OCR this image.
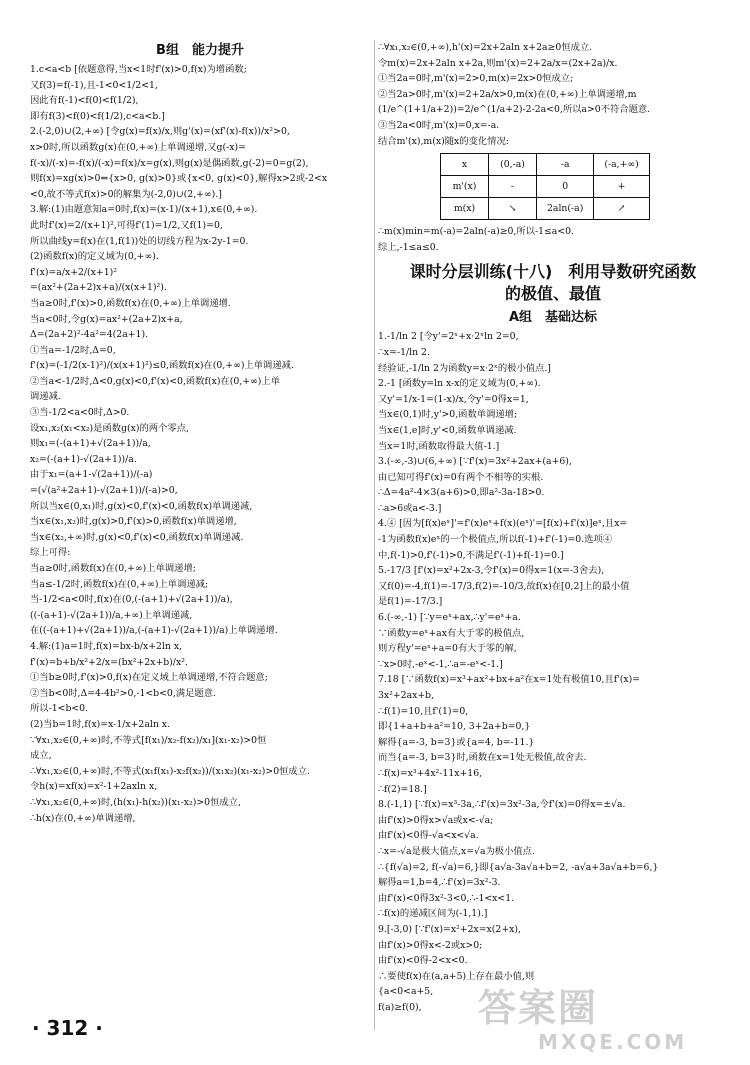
B组　能力提升
1.c<a<b [依题意得,当x<1时f'(x)>0,f(x)为增函数;
又f(3)=f(-1),且-1<0<1/2<1,
因此有f(-1)<f(0)<f(1/2),
即有f(3)<f(0)<f(1/2),c<a<b.]
2.(-2,0)∪(2,+∞) [令g(x)=f(x)/x,则g'(x)=(xf'(x)-f(x))/x²>0,
x>0时,所以函数g(x)在(0,+∞)上单调递增,又g(-x)=
f(-x)/(-x)=-f(x)/(-x)=f(x)/x=g(x),则g(x)是偶函数,g(-2)=0=g(2),
则f(x)=xg(x)>0⇔{x>0, g(x)>0}或{x<0, g(x)<0},解得x>2或-2<x
<0,故不等式f(x)>0的解集为(-2,0)∪(2,+∞).]
3.解:(1)由题意知a=0时,f(x)=(x-1)/(x+1),x∈(0,+∞).
此时f'(x)=2/(x+1)²,可得f'(1)=1/2,又f(1)=0,
所以曲线y=f(x)在(1,f(1))处的切线方程为x-2y-1=0.
(2)函数f(x)的定义域为(0,+∞).
f'(x)=a/x+2/(x+1)²
=(ax²+(2a+2)x+a)/(x(x+1)²).
当a≥0时,f'(x)>0,函数f(x)在(0,+∞)上单调递增.
当a<0时,令g(x)=ax²+(2a+2)x+a,
Δ=(2a+2)²-4a²=4(2a+1).
①当a=-1/2时,Δ=0,
f'(x)=(-1/2(x-1)²)/(x(x+1)²)≤0,函数f(x)在(0,+∞)上单调递减.
②当a<-1/2时,Δ<0,g(x)<0,f'(x)<0,函数f(x)在(0,+∞)上单
调递减.
③当-1/2<a<0时,Δ>0.
设x₁,x₂(x₁<x₂)是函数g(x)的两个零点,
则x₁=(-(a+1)+√(2a+1))/a,
x₂=(-(a+1)-√(2a+1))/a.
由于x₁=(a+1-√(2a+1))/(-a)
=(√(a²+2a+1)-√(2a+1))/(-a)>0,
所以当x∈(0,x₁)时,g(x)<0,f'(x)<0,函数f(x)单调递减,
当x∈(x₁,x₂)时,g(x)>0,f'(x)>0,函数f(x)单调递增,
当x∈(x₂,+∞)时,g(x)<0,f'(x)<0,函数f(x)单调递减.
综上可得:
当a≥0时,函数f(x)在(0,+∞)上单调递增;
当a≤-1/2时,函数f(x)在(0,+∞)上单调递减;
当-1/2<a<0时,f(x)在(0,(-(a+1)+√(2a+1))/a),
((-(a+1)-√(2a+1))/a,+∞)上单调递减,
在((-(a+1)+√(2a+1))/a,(-(a+1)-√(2a+1))/a)上单调递增.
4.解:(1)a=1时,f(x)=bx-b/x+2ln x,
f'(x)=b+b/x²+2/x=(bx²+2x+b)/x².
①当b≥0时,f'(x)>0,f(x)在定义域上单调递增,不符合题意;
②当b<0时,Δ=4-4b²>0,-1<b<0,满足题意.
所以-1<b<0.
(2)当b=1时,f(x)=x-1/x+2aln x.
∵∀x₁,x₂∈(0,+∞)时,不等式[f(x₁)/x₂-f(x₂)/x₁](x₁-x₂)>0恒
成立,
∴∀x₁,x₂∈(0,+∞)时,不等式(x₁f(x₁)-x₂f(x₂))/(x₁x₂)(x₁-x₂)>0恒成立.
令h(x)=xf(x)=x²-1+2axln x,
∴∀x₁,x₂∈(0,+∞)时,(h(x₁)-h(x₂))(x₁-x₂)>0恒成立,
∴h(x)在(0,+∞)单调递增,
∴∀x₁,x₂∈(0,+∞),h'(x)=2x+2aln x+2a≥0恒成立.
令m(x)=2x+2aln x+2a,则m'(x)=2+2a/x=(2x+2a)/x.
①当2a=0时,m'(x)=2>0,m(x)=2x>0恒成立;
②当2a>0时,m'(x)=2+2a/x>0,m(x)在(0,+∞)上单调递增,m
(1/e^(1+1/a+2))=2/e^(1/a+2)-2-2a<0,所以a>0不符合题意.
③当2a<0时,m'(x)=0,x=-a.
结合m'(x),m(x)随x的变化情况:
x	(0,-a)	-a	(-a,+∞)
m'(x)	-	0	+
m(x)	↘	2aln(-a)	↗
∴m(x)min=m(-a)=2aln(-a)≥0,所以-1≤a<0.
综上,-1≤a≤0.
课时分层训练(十八)　利用导数研究函数
的极值、最值
A组　基础达标
1.-1/ln 2 [令y'=2ˣ+x·2ˣln 2=0,
∴x=-1/ln 2.
经验证,-1/ln 2为函数y=x·2ˣ的极小值点.]
2.-1 [函数y=ln x-x的定义域为(0,+∞).
又y'=1/x-1=(1-x)/x,令y'=0得x=1,
当x∈(0,1)时,y'>0,函数单调递增;
当x∈(1,e]时,y'<0,函数单调递减.
当x=1时,函数取得最大值-1.]
3.(-∞,-3)∪(6,+∞) [∵f'(x)=3x²+2ax+(a+6),
由已知可得f'(x)=0有两个不相等的实根.
∴Δ=4a²-4×3(a+6)>0,即a²-3a-18>0.
∴a>6或a<-3.]
4.④ [因为[f(x)eˣ]'=f'(x)eˣ+f(x)(eˣ)'=[f(x)+f'(x)]eˣ,且x=
-1为函数f(x)eˣ的一个极值点,所以f(-1)+f'(-1)=0.选项④
中,f(-1)>0,f'(-1)>0,不满足f'(-1)+f(-1)=0.]
5.-17/3 [f'(x)=x²+2x-3,令f'(x)=0得x=1(x=-3舍去),
又f(0)=-4,f(1)=-17/3,f(2)=-10/3,故f(x)在[0,2]上的最小值
是f(1)=-17/3.]
6.(-∞,-1) [∵y=eˣ+ax,∴y'=eˣ+a.
∵函数y=eˣ+ax有大于零的极值点,
则方程y'=eˣ+a=0有大于零的解,
∵x>0时,-eˣ<-1,∴a=-eˣ<-1.]
7.18 [∵函数f(x)=x³+ax²+bx+a²在x=1处有极值10,且f'(x)=
3x²+2ax+b,
∴f(1)=10,且f'(1)=0,
即{1+a+b+a²=10, 3+2a+b=0,}
解得{a=-3, b=3}或{a=4, b=-11.}
而当{a=-3, b=3}时,函数在x=1处无极值,故舍去.
∴f(x)=x³+4x²-11x+16,
∴f(2)=18.]
8.(-1,1) [∵f(x)=x³-3a,∴f'(x)=3x²-3a,令f'(x)=0得x=±√a.
由f'(x)>0得x>√a或x<-√a;
由f'(x)<0得-√a<x<√a.
∴x=-√a是极大值点,x=√a为极小值点.
∴{f(√a)=2, f(-√a)=6,}即{a√a-3a√a+b=2, -a√a+3a√a+b=6,}
解得a=1,b=4,∴f'(x)=3x²-3.
由f'(x)<0得3x²-3<0,∴-1<x<1.
∴f(x)的递减区间为(-1,1).]
9.[-3,0) [∵f'(x)=x²+2x=x(2+x),
由f'(x)>0得x<-2或x>0;
由f'(x)<0得-2<x<0.
∴要使f(x)在(a,a+5)上存在最小值,则
{a<0<a+5,
f(a)≥f(0),
· 312 ·	答案圈
MXQE.COM
